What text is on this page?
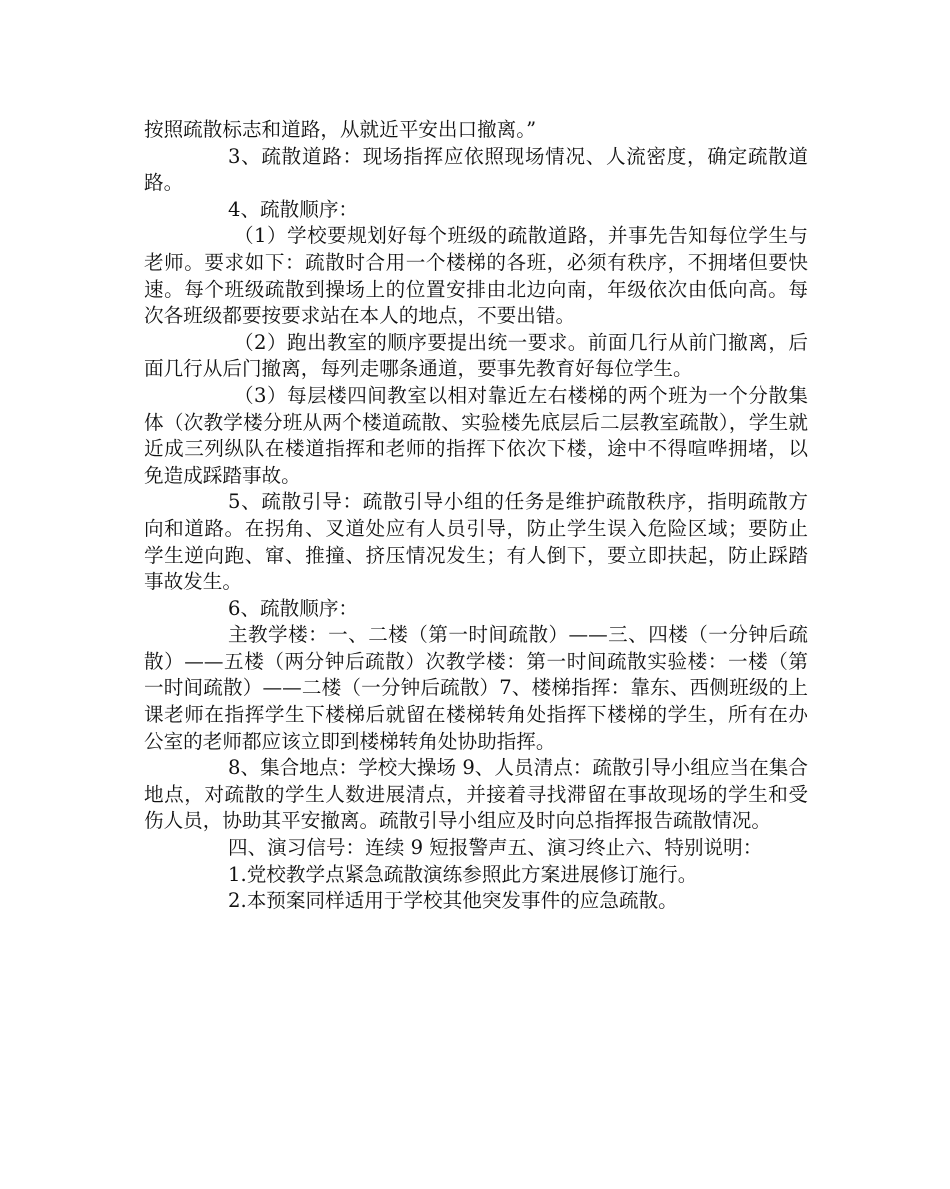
按照疏散标志和道路，从就近平安出口撤离。”

3、疏散道路：现场指挥应依照现场情况、人流密度，确定疏散道路。

4、疏散顺序：

（1）学校要规划好每个班级的疏散道路，并事先告知每位学生与老师。要求如下：疏散时合用一个楼梯的各班，必须有秩序，不拥堵但要快速。每个班级疏散到操场上的位置安排由北边向南，年级依次由低向高。每次各班级都要按要求站在本人的地点，不要出错。

（2）跑出教室的顺序要提出统一要求。前面几行从前门撤离，后面几行从后门撤离，每列走哪条通道，要事先教育好每位学生。

（3）每层楼四间教室以相对靠近左右楼梯的两个班为一个分散集体（次教学楼分班从两个楼道疏散、实验楼先底层后二层教室疏散），学生就近成三列纵队在楼道指挥和老师的指挥下依次下楼，途中不得喧哗拥堵，以免造成踩踏事故。

5、疏散引导：疏散引导小组的任务是维护疏散秩序，指明疏散方向和道路。在拐角、叉道处应有人员引导，防止学生误入危险区域；要防止学生逆向跑、窜、推撞、挤压情况发生；有人倒下，要立即扶起，防止踩踏事故发生。

6、疏散顺序：

主教学楼：一、二楼（第一时间疏散）——三、四楼（一分钟后疏散）——五楼（两分钟后疏散）次教学楼：第一时间疏散实验楼：一楼（第一时间疏散）——二楼（一分钟后疏散）7、楼梯指挥：靠东、西侧班级的上课老师在指挥学生下楼梯后就留在楼梯转角处指挥下楼梯的学生，所有在办公室的老师都应该立即到楼梯转角处协助指挥。

8、集合地点：学校大操场 9、人员清点：疏散引导小组应当在集合地点，对疏散的学生人数进展清点，并接着寻找滞留在事故现场的学生和受伤人员，协助其平安撤离。疏散引导小组应及时向总指挥报告疏散情况。

四、演习信号：连续 9 短报警声五、演习终止六、特别说明：

1.党校教学点紧急疏散演练参照此方案进展修订施行。

2.本预案同样适用于学校其他突发事件的应急疏散。
